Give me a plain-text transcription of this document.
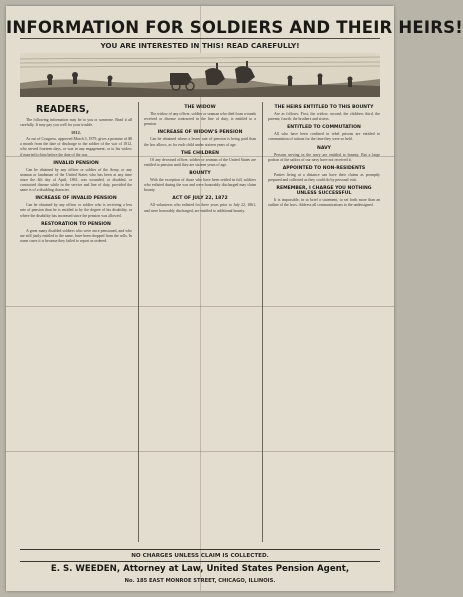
INFORMATION FOR SOLDIERS AND THEIR HEIRS!
YOU ARE INTERESTED IN THIS! READ CAREFULLY!
READERS,

The following information may be to you or someone. Read it all carefully. It may pay you well for your trouble.

1812.

As out of Congress, approved March 3, 1879, gives a promise of $8 a month from the date of discharge to the soldier of the war of 1812, who served fourteen days, or was in any engagement, or to his widow if married to him before the date of the war.

INVALID PENSION

Can be obtained by any officer or soldier of the Army, or any seaman or landsman of the United States who has been at any time since the 4th day of April, 1861, was wounded, or disabled, or contracted disease while in the service and line of duty, provided the same is of a disabling character.

INCREASE OF INVALID PENSION

Can be obtained by any officer or soldier who is receiving a less rate of pension than he is entitled to by the degree of his disability, or where the disability has increased since the pension was allowed.

RESTORATION TO PENSION

A great many disabled soldiers who were once pensioned, and who are still justly entitled to the same, have been dropped from the rolls. In some cases it is because they failed to report as ordered.

THE WIDOW

The widow of any officer, soldier or seaman who died from wounds received or disease contracted in the line of duty, is entitled to a pension.

INCREASE OF WIDOW'S PENSION

Can be obtained where a lesser rate of pension is being paid than the law allows, as for each child under sixteen years of age.

THE CHILDREN

Of any deceased officer, soldier or seaman of the United States are entitled to pension until they are sixteen years of age.

BOUNTY

With the exception of those who have been settled in full, soldiers who enlisted during the war and were honorably discharged may claim bounty.

ACT OF JULY 22, 1872

All volunteers who enlisted for three years prior to July 22, 1861, and were honorably discharged, are entitled to additional bounty.

THE HEIRS ENTITLED TO THIS BOUNTY

Are as follows: First, the widow; second, the children; third, the parents; fourth, the brothers and sisters.

ENTITLED TO COMMUTATION

All who have been confined in rebel prisons are entitled to commutation of rations for the time they were so held.

NAVY

Persons serving in the navy are entitled to bounty. But a large portion of the sailors of our navy have not received it.

APPOINTED TO NON-RESIDENTS

Parties living at a distance can have their claims as promptly prepared and collected as they could do by personal visit.

REMEMBER, I CHARGE YOU NOTHING UNLESS SUCCESSFUL

It is impossible, in so brief a statement, to set forth more than an outline of the laws. Address all communications to the undersigned.

NO CHARGES UNLESS CLAIM IS COLLECTED.
E. S. WEEDEN, Attorney at Law, United States Pension Agent,
No. 185 EAST MONROE STREET, CHICAGO, ILLINOIS.
